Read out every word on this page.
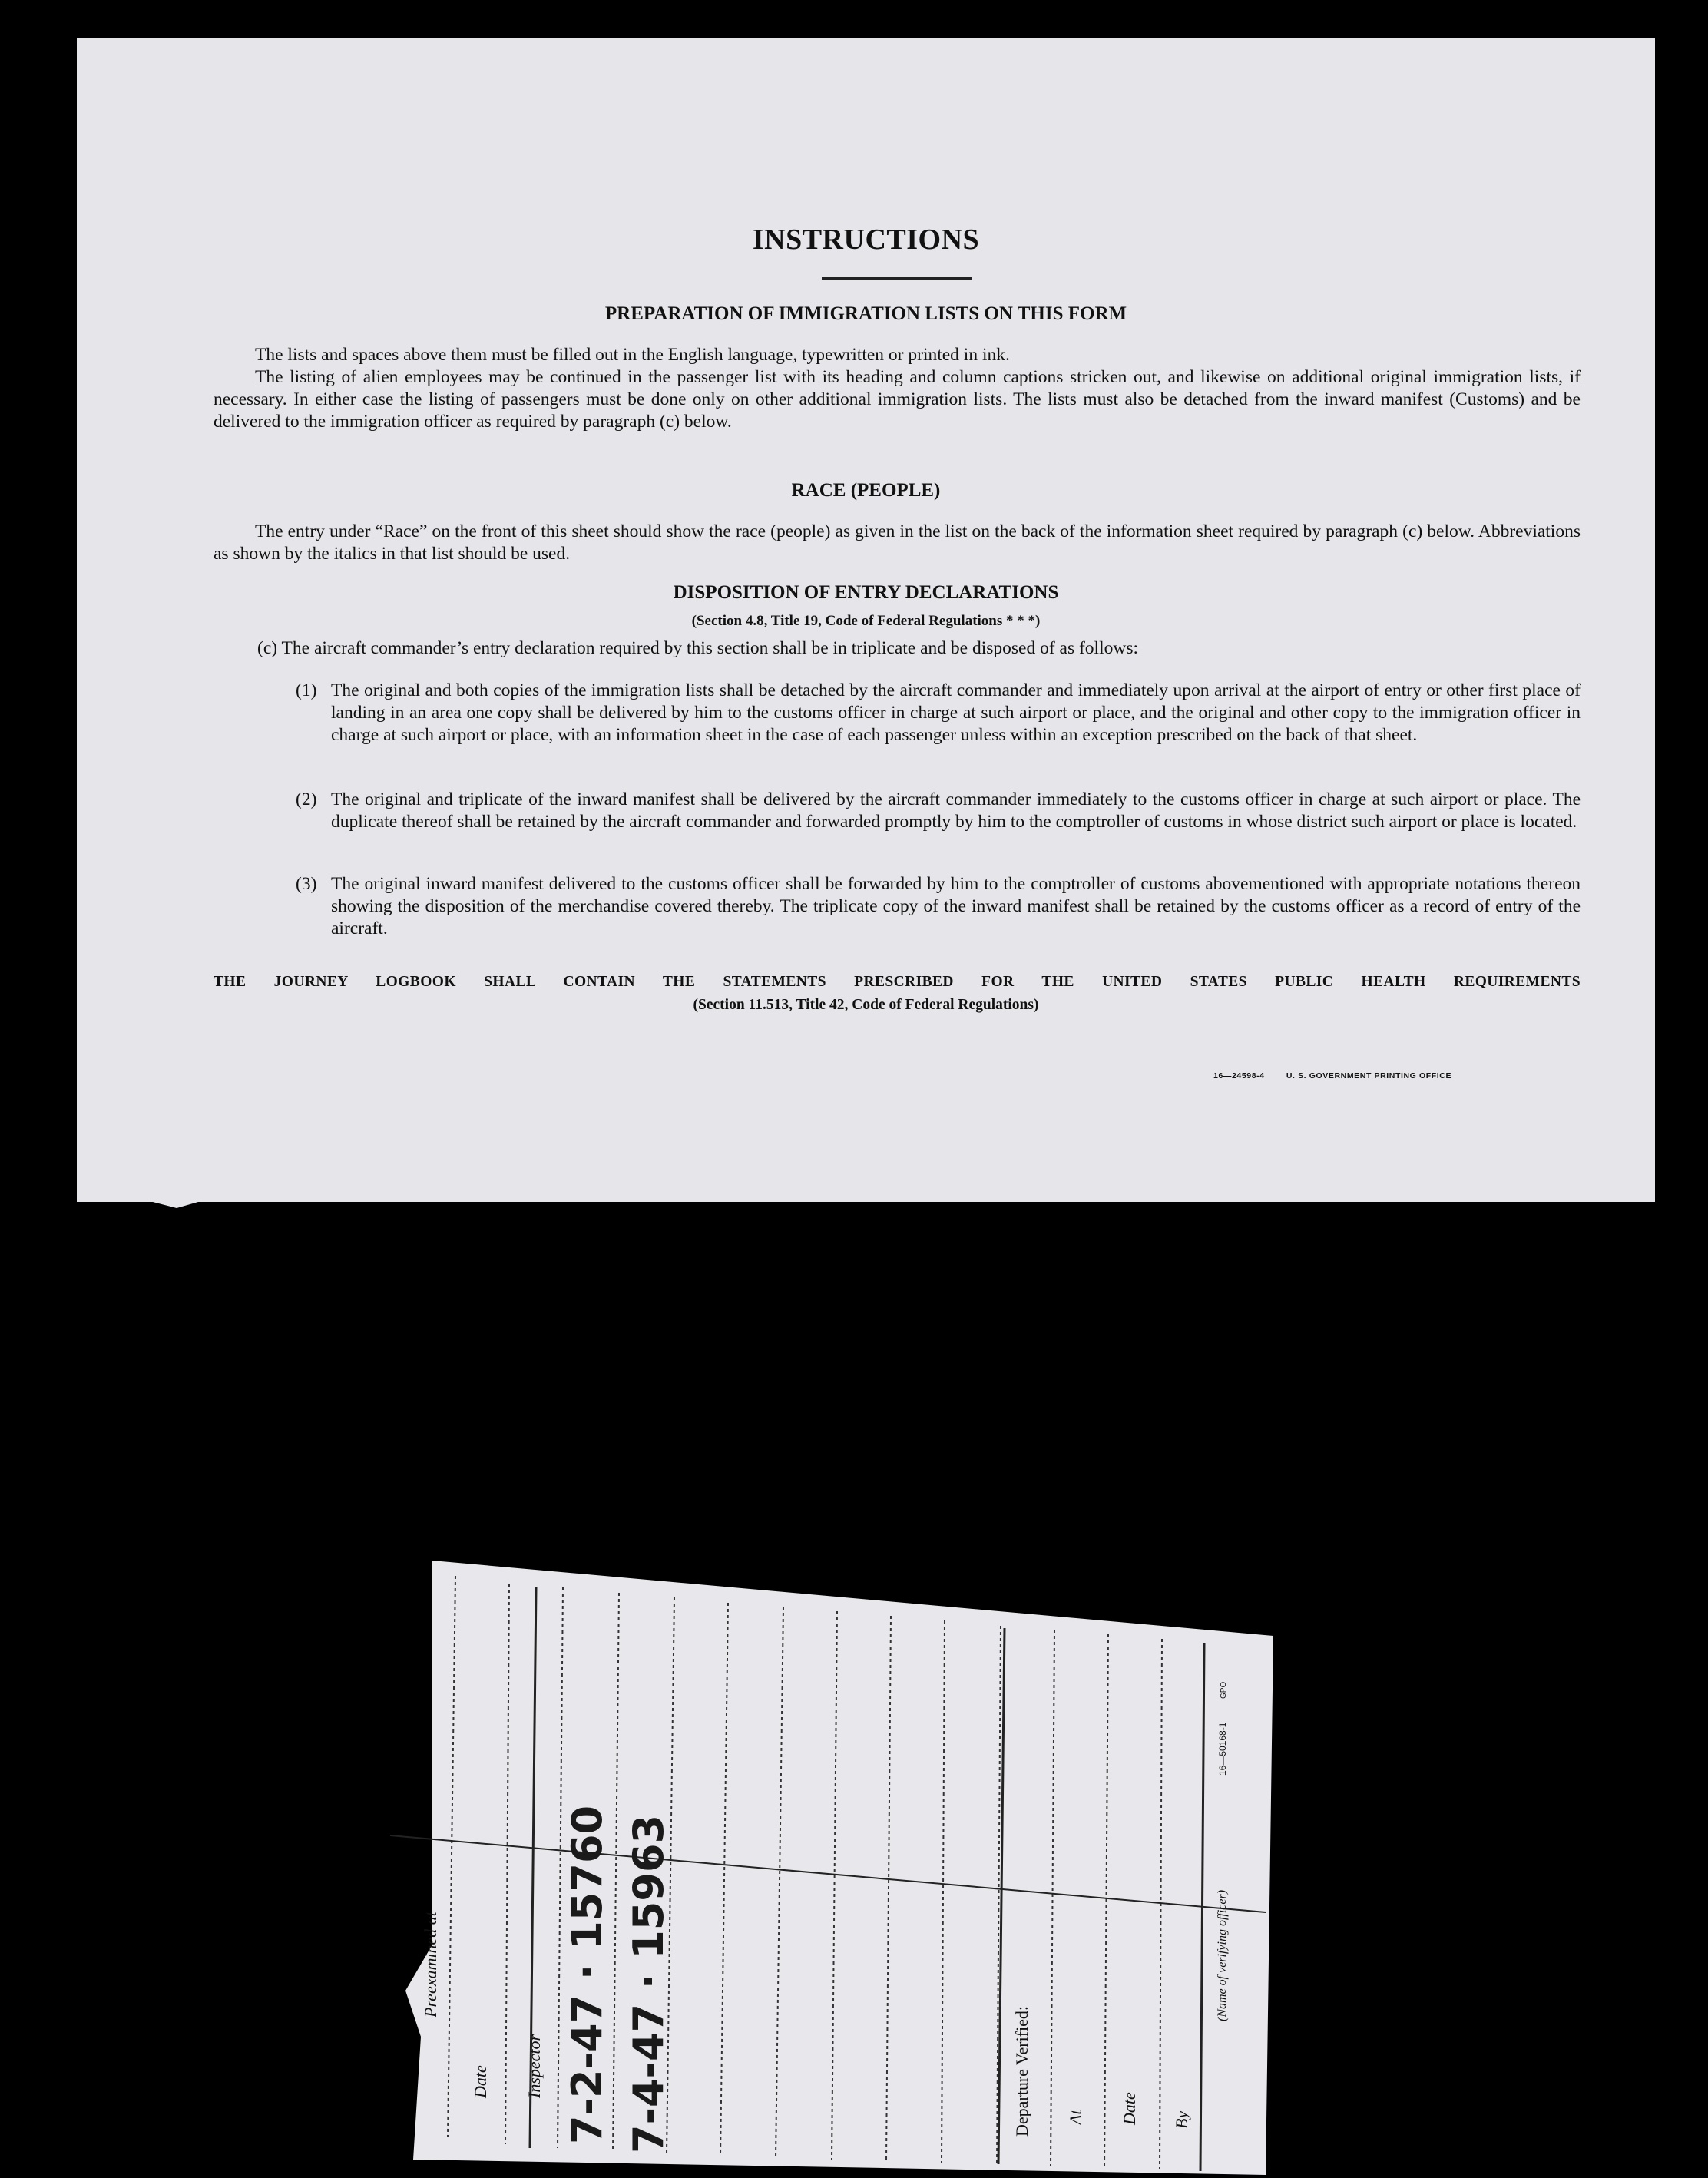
INSTRUCTIONS
PREPARATION OF IMMIGRATION LISTS ON THIS FORM
The lists and spaces above them must be filled out in the English language, typewritten or printed in ink.
The listing of alien employees may be continued in the passenger list with its heading and column captions stricken out, and likewise on additional original immigration lists, if necessary. In either case the listing of passengers must be done only on other additional immigration lists. The lists must also be detached from the inward manifest (Customs) and be delivered to the immigration officer as required by paragraph (c) below.
RACE (PEOPLE)
The entry under “Race” on the front of this sheet should show the race (people) as given in the list on the back of the information sheet required by paragraph (c) below. Abbreviations as shown by the italics in that list should be used.
DISPOSITION OF ENTRY DECLARATIONS
(Section 4.8, Title 19, Code of Federal Regulations * * *)
(c) The aircraft commander’s entry declaration required by this section shall be in triplicate and be disposed of as follows:
(1) The original and both copies of the immigration lists shall be detached by the aircraft commander and immediately upon arrival at the airport of entry or other first place of landing in an area one copy shall be delivered by him to the customs officer in charge at such airport or place, and the original and other copy to the immigration officer in charge at such airport or place, with an information sheet in the case of each passenger unless within an exception prescribed on the back of that sheet.
(2) The original and triplicate of the inward manifest shall be delivered by the aircraft commander immediately to the customs officer in charge at such airport or place. The duplicate thereof shall be retained by the aircraft commander and forwarded promptly by him to the comptroller of customs in whose district such airport or place is located.
(3) The original inward manifest delivered to the customs officer shall be forwarded by him to the comptroller of customs abovementioned with appropriate notations thereon showing the disposition of the merchandise covered thereby. The triplicate copy of the inward manifest shall be retained by the customs officer as a record of entry of the aircraft.
THE JOURNEY LOGBOOK SHALL CONTAIN THE STATEMENTS PRESCRIBED FOR THE UNITED STATES PUBLIC HEALTH REQUIREMENTS
(Section 11.513, Title 42, Code of Federal Regulations)
16—24598-4	U. S. GOVERNMENT PRINTING OFFICE
Preexamined at
Date Inspector	Departure Verified: At Date By
(Name of verifying officer)
16—50168-1
GPO
7-2-47 · 15760 7-4-47 · 15963
